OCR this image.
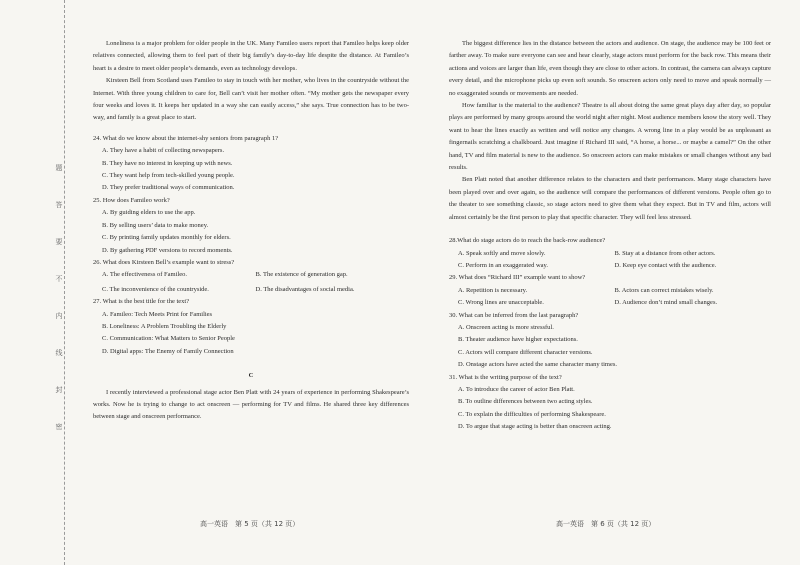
题
答
要
不
内
线
封
密

Loneliness is a major problem for older people in the UK. Many Famileo users report that Famileo helps keep older relatives connected, allowing them to feel part of their big family’s day-to-day life despite the distance. At Famileo’s heart is a desire to meet older people’s demands, even as technology develops.

Kirsteen Bell from Scotland uses Famileo to stay in touch with her mother, who lives in the countryside without the Internet. With three young children to care for, Bell can’t visit her mother often. “My mother gets the newspaper every four weeks and loves it. It keeps her updated in a way she can easily access,” she says. True connection has to be two-way, and family is a great place to start.

24. What do we know about the internet-shy seniors from paragraph 1?

A. They have a habit of collecting newspapers.

B. They have no interest in keeping up with news.

C. They want help from tech-skilled young people.

D. They prefer traditional ways of communication.

25. How does Famileo work?

A. By guiding elders to use the app.

B. By selling users’ data to make money.

C. By printing family updates monthly for elders.

D. By gathering PDF versions to record moments.

26. What does Kirsteen Bell’s example want to stress?

A. The effectiveness of Famileo.	B. The existence of generation gap.
C. The inconvenience of the countryside.	D. The disadvantages of social media.

27. What is the best title for the text?

A. Famileo: Tech Meets Print for Families

B. Loneliness: A Problem Troubling the Elderly

C. Communication: What Matters to Senior People

D. Digital apps: The Enemy of Family Connection

C

I recently interviewed a professional stage actor Ben Platt with 24 years of experience in performing Shakespeare’s works. Now he is trying to change to act onscreen — performing for TV and films. He shared three key differences between stage and onscreen performance.

The biggest difference lies in the distance between the actors and audience. On stage, the audience may be 100 feet or farther away. To make sure everyone can see and hear clearly, stage actors must perform for the back row. This means their actions and voices are larger than life, even though they are close to other actors. In contrast, the camera can always capture every detail, and the microphone picks up even soft sounds. So onscreen actors only need to move and speak normally — no exaggerated sounds or movements are needed.

How familiar is the material to the audience? Theatre is all about doing the same great plays day after day, so popular plays are performed by many groups around the world night after night. Most audience members know the story well. They want to hear the lines exactly as written and will notice any changes. A wrong line in a play would be as unpleasant as fingernails scratching a chalkboard. Just imagine if Richard III said, “A horse, a horse... or maybe a camel?” On the other hand, TV and film material is new to the audience. So onscreen actors can make mistakes or small changes without any bad results.

Ben Platt noted that another difference relates to the characters and their performances. Many stage characters have been played over and over again, so the audience will compare the performances of different versions. People often go to the theater to see something classic, so stage actors need to give them what they expect. But in TV and film, actors will almost certainly be the first person to play that specific character. They will feel less stressed.

28.What do stage actors do to reach the back-row audience?

A. Speak softly and move slowly.	B. Stay at a distance from other actors.
C. Perform in an exaggerated way.	D. Keep eye contact with the audience.

29. What does “Richard III” example want to show?

A. Repetition is necessary.	B. Actors can correct mistakes wisely.
C. Wrong lines are unacceptable.	D. Audience don’t mind small changes.

30. What can be inferred from the last paragraph?

A. Onscreen acting is more stressful.

B. Theater audience have higher expectations.

C. Actors will compare different character versions.

D. Onstage actors have acted the same character many times.

31. What is the writing purpose of the text?

A. To introduce the career of actor Ben Platt.

B. To outline differences between two acting styles.

C. To explain the difficulties of performing Shakespeare.

D. To argue that stage acting is better than onscreen acting.

高一英语　第 5 页（共 12 页）	高一英语　第 6 页（共 12 页）
